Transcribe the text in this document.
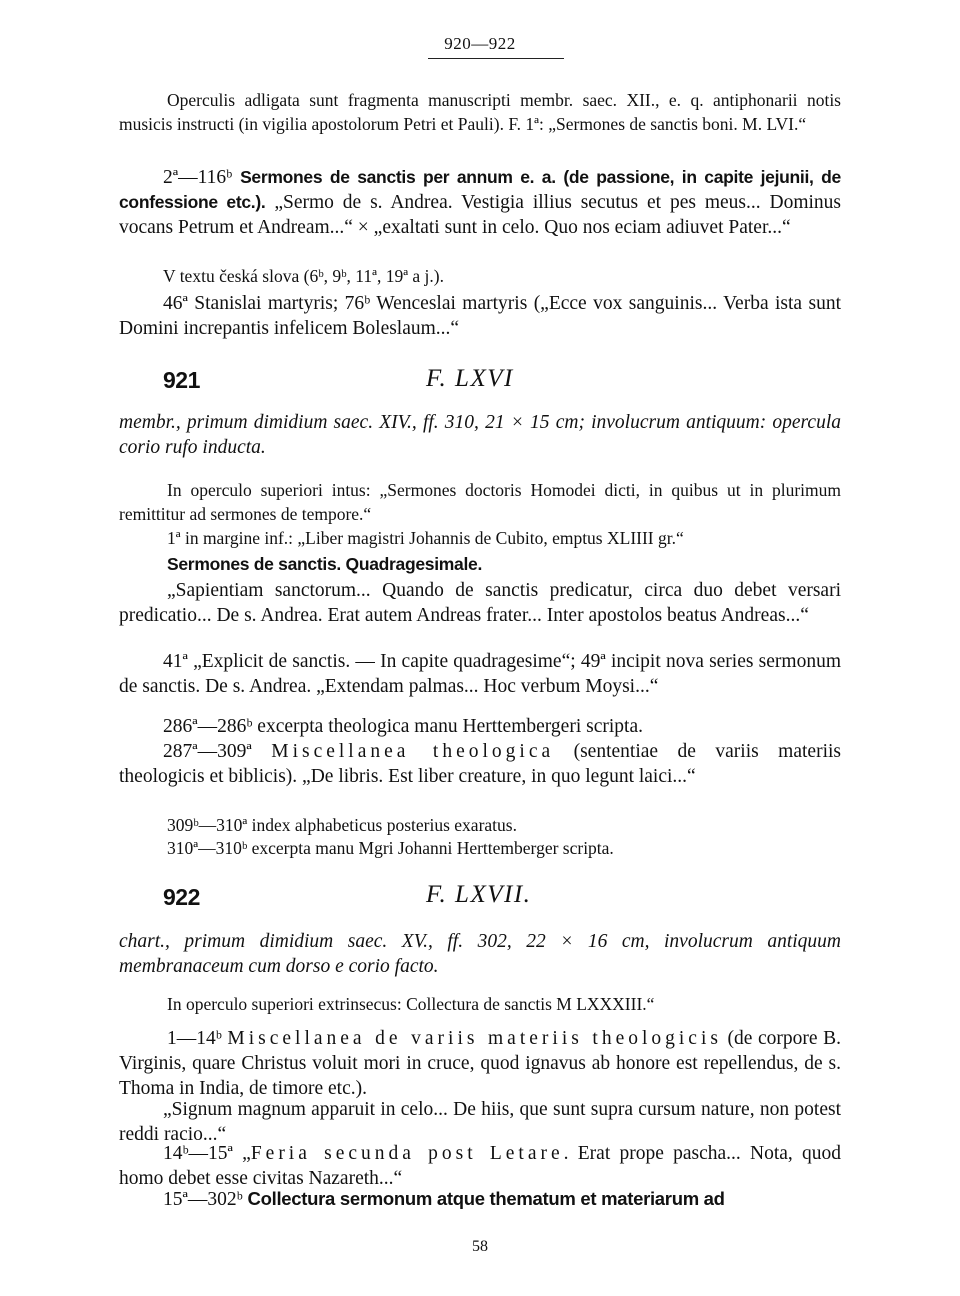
920—922
Operculis adligata sunt fragmenta manuscripti membr. saec. XII., e. q. antiphonarii notis musicis instructi (in vigilia apostolorum Petri et Pauli). F. 1ª: „Sermones de sanctis boni. M. LVI.“
2ª—116ᵇ Sermones de sanctis per annum e. a. (de passione, in capite jejunii, de confessione etc.). „Sermo de s. Andrea. Vestigia illius secutus et pes meus... Dominus vocans Petrum et Andream...“ × „exaltati sunt in celo. Quo nos eciam adiuvet Pater...“
V textu česká slova (6ᵇ, 9ᵇ, 11ª, 19ª a j.).
46ª Stanislai martyris; 76ᵇ Wenceslai martyris („Ecce vox sanguinis... Verba ista sunt Domini increpantis infelicem Boleslaum...“
921	F. LXVI
membr., primum dimidium saec. XIV., ff. 310, 21 × 15 cm; involucrum antiquum: opercula corio rufo inducta.
In operculo superiori intus: „Sermones doctoris Homodei dicti, in quibus ut in plurimum remittitur ad sermones de tempore.“
1ª in margine inf.: „Liber magistri Johannis de Cubito, emptus XLIIII gr.“
Sermones de sanctis. Quadragesimale.
„Sapientiam sanctorum... Quando de sanctis predicatur, circa duo debet versari predicatio... De s. Andrea. Erat autem Andreas frater... Inter apostolos beatus Andreas...“
41ª „Explicit de sanctis. — In capite quadragesime“; 49ª incipit nova series sermonum de sanctis. De s. Andrea. „Extendam palmas... Hoc verbum Moysi...“
286ª—286ᵇ excerpta theologica manu Herttembergeri scripta.
287ª—309ª Miscellanea theologica (sententiae de variis materiis theologicis et biblicis). „De libris. Est liber creature, in quo legunt laici...“
309ᵇ—310ª index alphabeticus posterius exaratus.
310ª—310ᵇ excerpta manu Mgri Johanni Herttemberger scripta.
922	F. LXVII.
chart., primum dimidium saec. XV., ff. 302, 22 × 16 cm, involucrum antiquum membranaceum cum dorso e corio facto.
In operculo superiori extrinsecus: Collectura de sanctis M LXXXIII.“
1—14ᵇ Miscellanea de variis materiis theologicis (de corpore B. Virginis, quare Christus voluit mori in cruce, quod ignavus ab honore est repellendus, de s. Thoma in India, de timore etc.).
„Signum magnum apparuit in celo... De hiis, que sunt supra cursum nature, non potest reddi racio...“
14ᵇ—15ª „Feria secunda post Letare. Erat prope pascha... Nota, quod homo debet esse civitas Nazareth...“
15ª—302ᵇ Collectura sermonum atque thematum et materiarum ad
58
